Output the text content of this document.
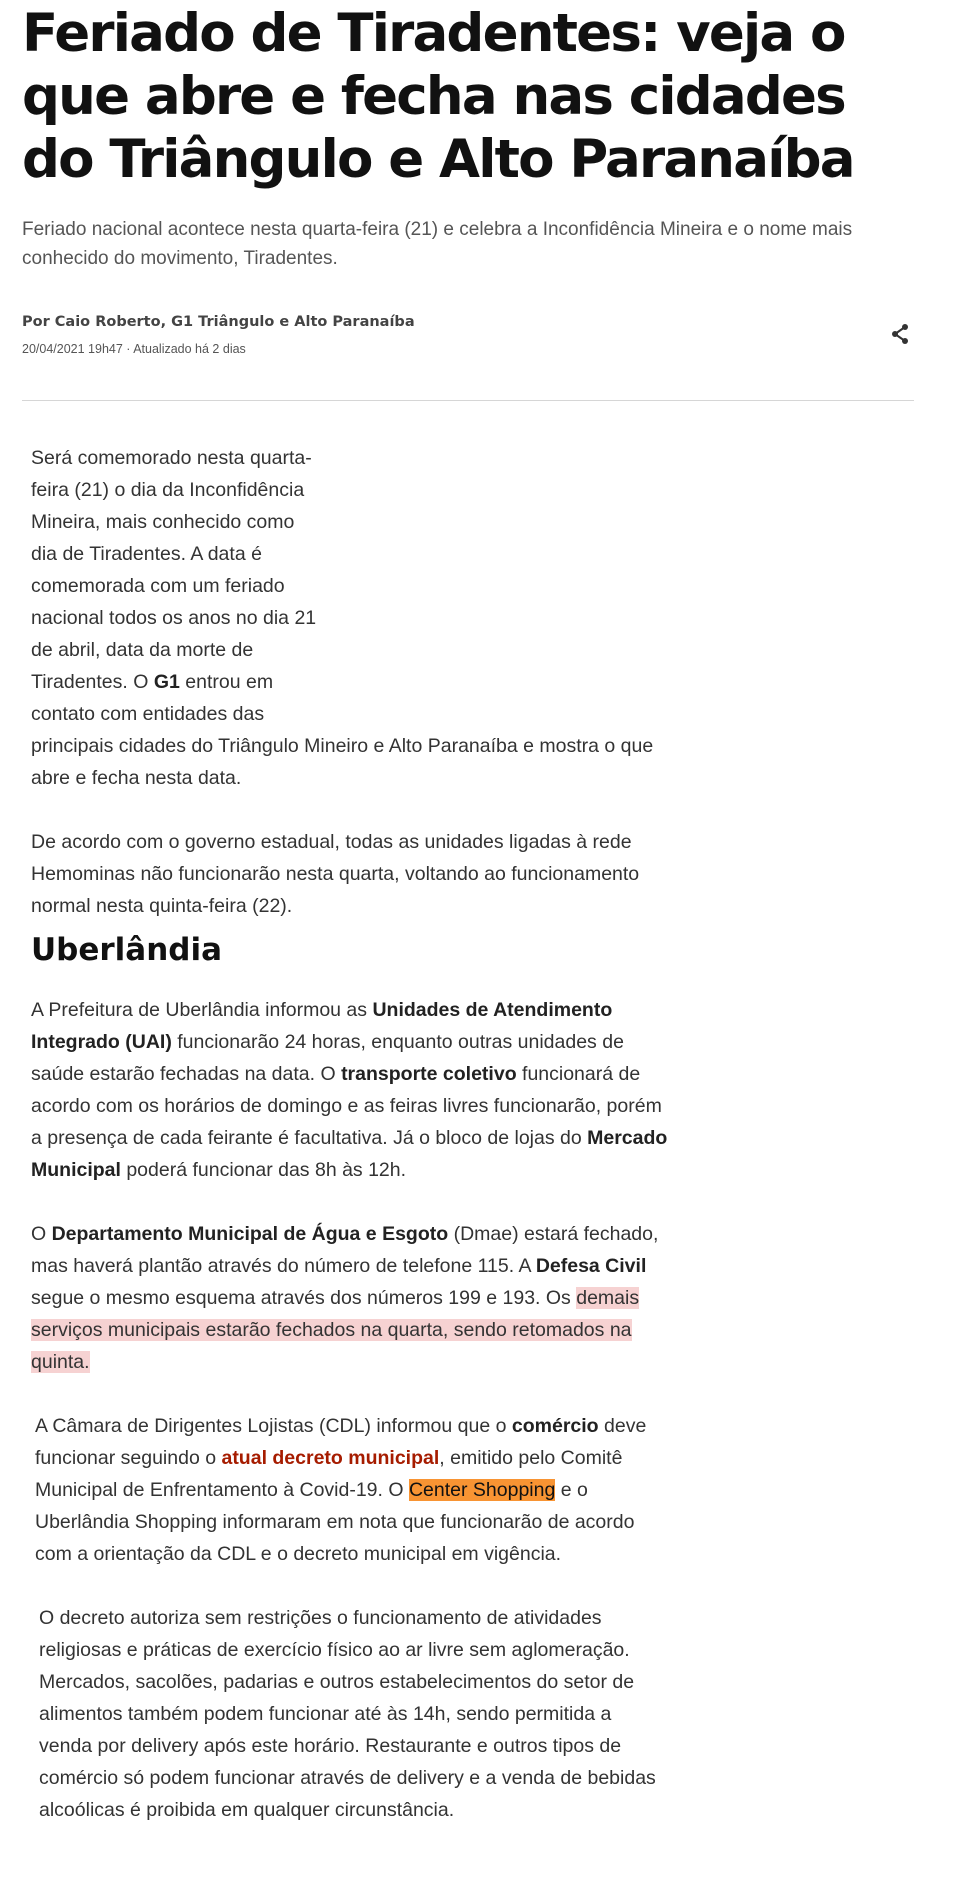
Feriado de Tiradentes: veja o que abre e fecha nas cidades do Triângulo e Alto Paranaíba

Feriado nacional acontece nesta quarta-feira (21) e celebra a Inconfidência Mineira e o nome mais conhecido do movimento, Tiradentes.

Por Caio Roberto, G1 Triângulo e Alto Paranaíba
20/04/2021 19h47 · Atualizado há 2 dias

Será comemorado nesta quarta-
feira (21) o dia da Inconfidência
Mineira, mais conhecido como
dia de Tiradentes. A data é
comemorada com um feriado
nacional todos os anos no dia 21
de abril, data da morte de
Tiradentes. O G1 entrou em
contato com entidades das
principais cidades do Triângulo Mineiro e Alto Paranaíba e mostra o que
abre e fecha nesta data.

De acordo com o governo estadual, todas as unidades ligadas à rede
Hemominas não funcionarão nesta quarta, voltando ao funcionamento
normal nesta quinta-feira (22).

Uberlândia

A Prefeitura de Uberlândia informou as Unidades de Atendimento
Integrado (UAI) funcionarão 24 horas, enquanto outras unidades de
saúde estarão fechadas na data. O transporte coletivo funcionará de
acordo com os horários de domingo e as feiras livres funcionarão, porém
a presença de cada feirante é facultativa. Já o bloco de lojas do Mercado
Municipal poderá funcionar das 8h às 12h.

O Departamento Municipal de Água e Esgoto (Dmae) estará fechado,
mas haverá plantão através do número de telefone 115. A Defesa Civil
segue o mesmo esquema através dos números 199 e 193. Os demais
serviços municipais estarão fechados na quarta, sendo retomados na
quinta.

A Câmara de Dirigentes Lojistas (CDL) informou que o comércio deve
funcionar seguindo o atual decreto municipal, emitido pelo Comitê
Municipal de Enfrentamento à Covid-19. O Center Shopping e o
Uberlândia Shopping informaram em nota que funcionarão de acordo
com a orientação da CDL e o decreto municipal em vigência.

O decreto autoriza sem restrições o funcionamento de atividades
religiosas e práticas de exercício físico ao ar livre sem aglomeração.
Mercados, sacolões, padarias e outros estabelecimentos do setor de
alimentos também podem funcionar até às 14h, sendo permitida a
venda por delivery após este horário. Restaurante e outros tipos de
comércio só podem funcionar através de delivery e a venda de bebidas
alcoólicas é proibida em qualquer circunstância.
